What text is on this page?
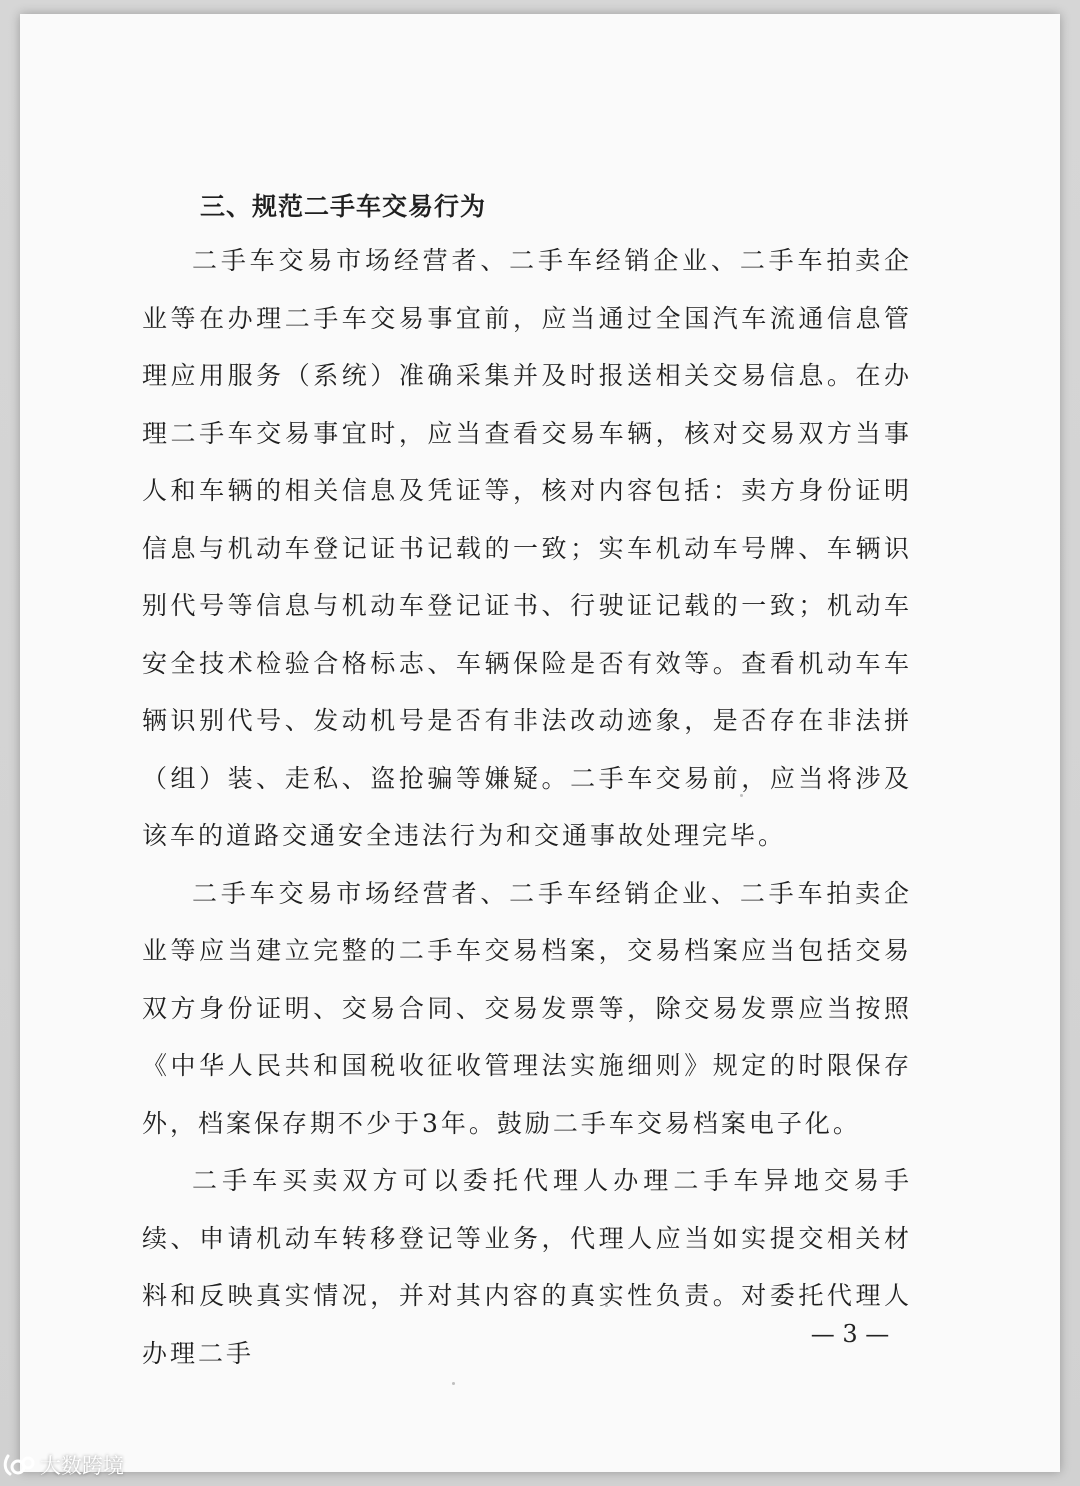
三、规范二手车交易行为

二手车交易市场经营者、二手车经销企业、二手车拍卖企业等在办理二手车交易事宜前，应当通过全国汽车流通信息管理应用服务（系统）准确采集并及时报送相关交易信息。在办理二手车交易事宜时，应当查看交易车辆，核对交易双方当事人和车辆的相关信息及凭证等，核对内容包括：卖方身份证明信息与机动车登记证书记载的一致；实车机动车号牌、车辆识别代号等信息与机动车登记证书、行驶证记载的一致；机动车安全技术检验合格标志、车辆保险是否有效等。查看机动车车辆识别代号、发动机号是否有非法改动迹象，是否存在非法拼（组）装、走私、盗抢骗等嫌疑。二手车交易前，应当将涉及该车的道路交通安全违法行为和交通事故处理完毕。

二手车交易市场经营者、二手车经销企业、二手车拍卖企业等应当建立完整的二手车交易档案，交易档案应当包括交易双方身份证明、交易合同、交易发票等，除交易发票应当按照《中华人民共和国税收征收管理法实施细则》规定的时限保存外，档案保存期不少于3年。鼓励二手车交易档案电子化。

二手车买卖双方可以委托代理人办理二手车异地交易手续、申请机动车转移登记等业务，代理人应当如实提交相关材料和反映真实情况，并对其内容的真实性负责。对委托代理人办理二手

— 3 —
大数跨境
